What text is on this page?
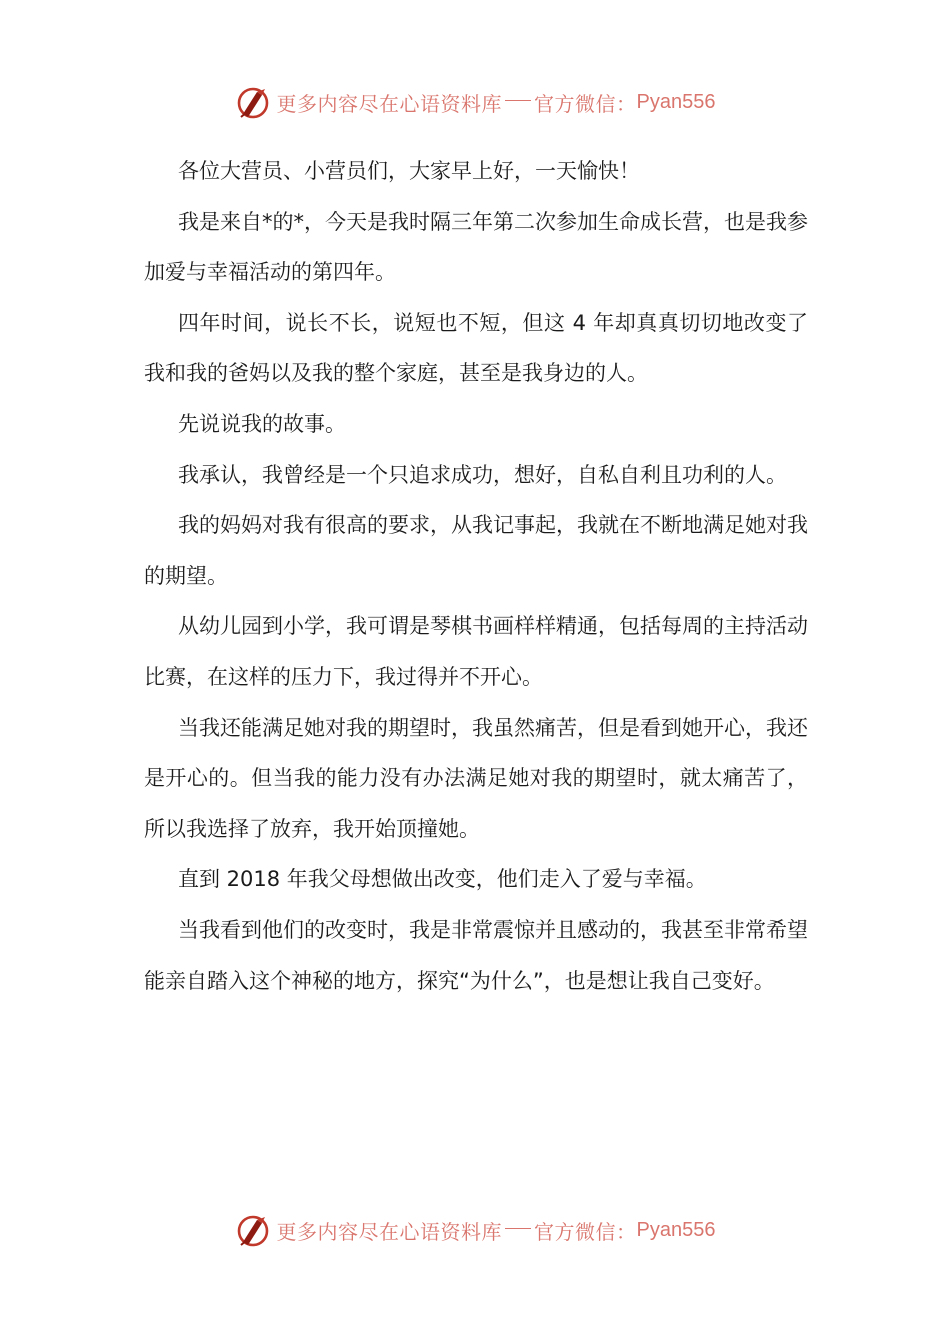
更多内容尽在心语资料库 官方微信： Pyan556

各位大营员、小营员们，大家早上好，一天愉快！

我是来自*的*，今天是我时隔三年第二次参加生命成长营，也是我参加爱与幸福活动的第四年。

四年时间，说长不长，说短也不短，但这 4 年却真真切切地改变了我和我的爸妈以及我的整个家庭，甚至是我身边的人。

先说说我的故事。

我承认，我曾经是一个只追求成功，想好，自私自利且功利的人。

我的妈妈对我有很高的要求，从我记事起，我就在不断地满足她对我的期望。

从幼儿园到小学，我可谓是琴棋书画样样精通，包括每周的主持活动比赛，在这样的压力下，我过得并不开心。

当我还能满足她对我的期望时，我虽然痛苦，但是看到她开心，我还是开心的。但当我的能力没有办法满足她对我的期望时，就太痛苦了，所以我选择了放弃，我开始顶撞她。

直到 2018 年我父母想做出改变，他们走入了爱与幸福。

当我看到他们的改变时，我是非常震惊并且感动的，我甚至非常希望能亲自踏入这个神秘的地方，探究“为什么”，也是想让我自己变好。

更多内容尽在心语资料库 官方微信： Pyan556
